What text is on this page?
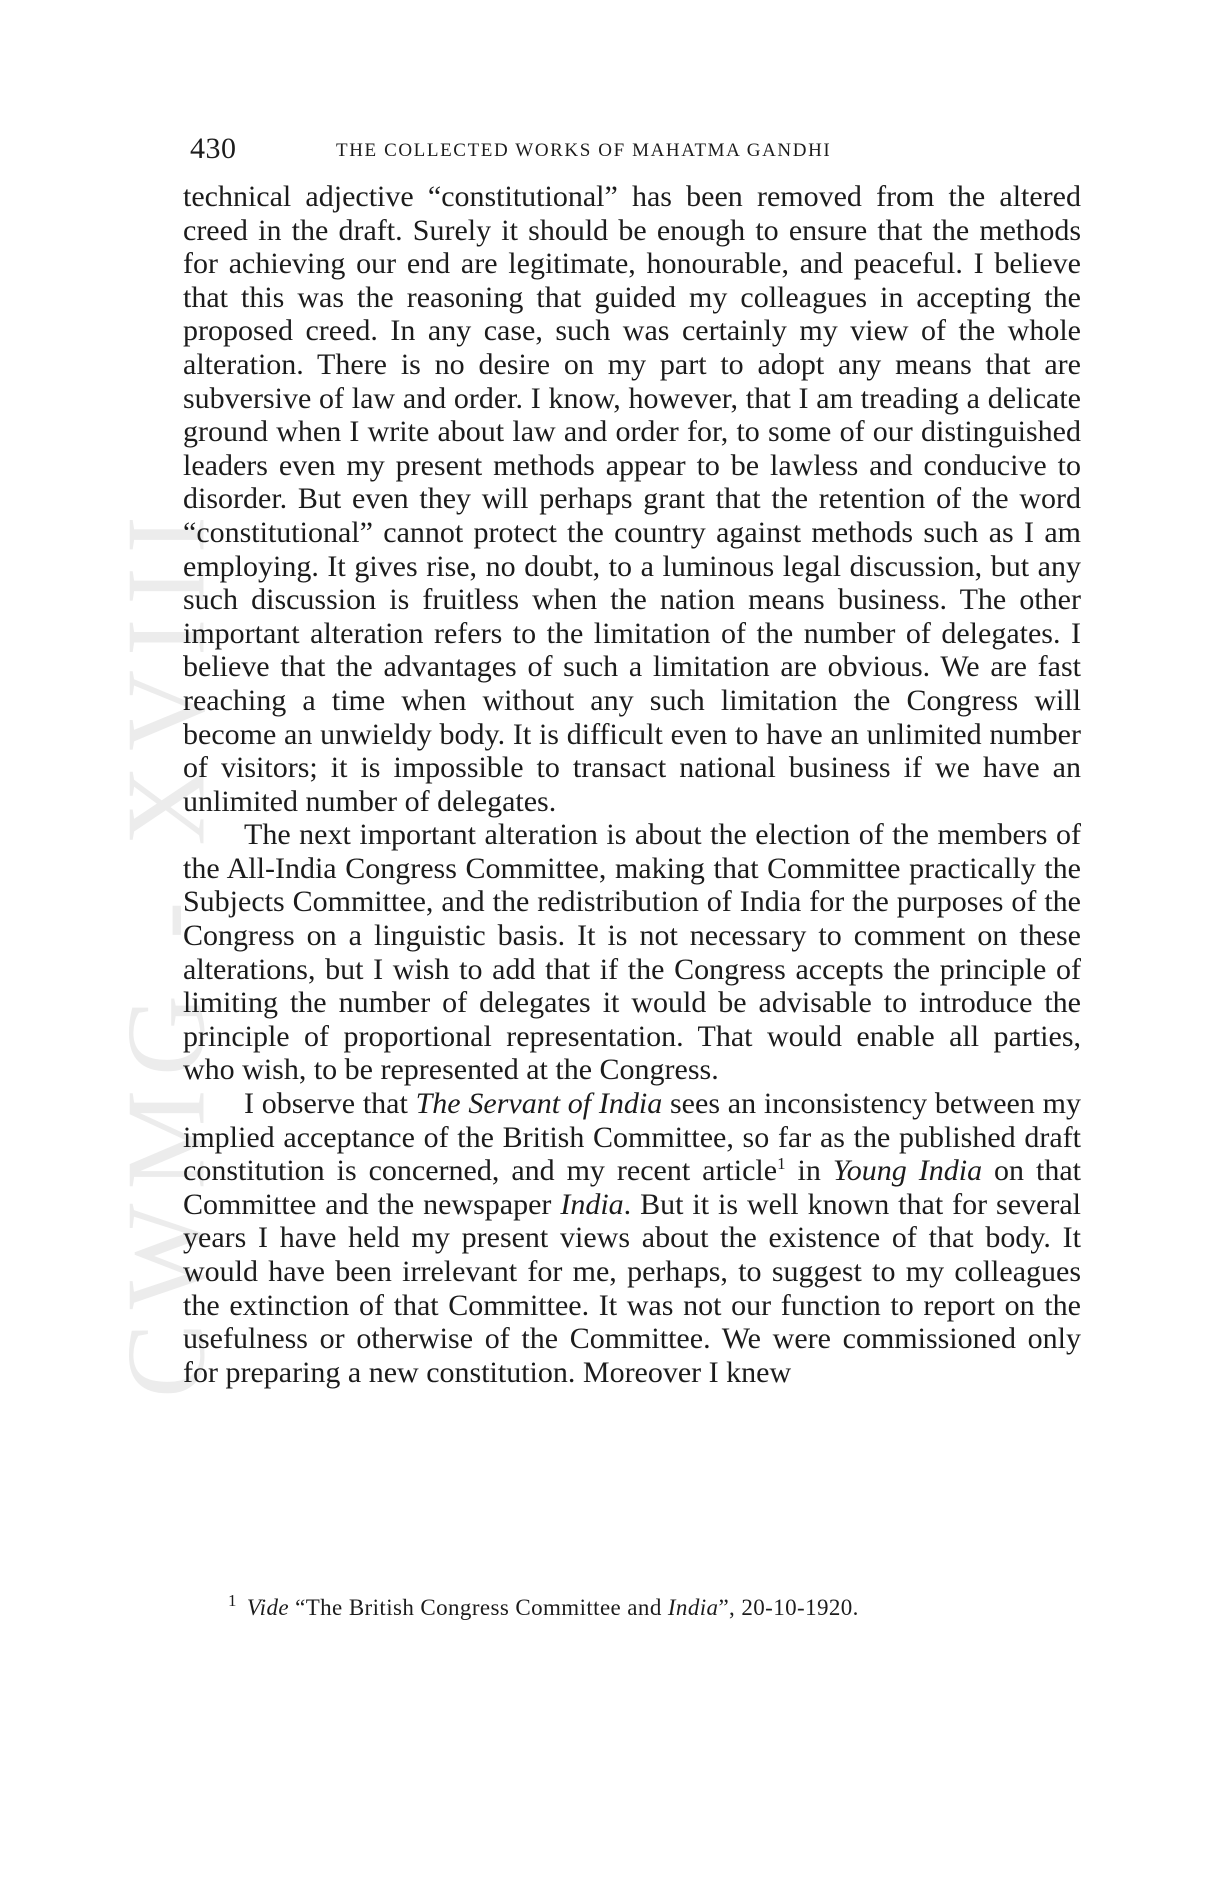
CWMG - XVIII
430	THE COLLECTED WORKS OF MAHATMA GANDHI

technical adjective “constitutional” has been removed from the altered creed in the draft. Surely it should be enough to ensure that the methods for achieving our end are legitimate, honourable, and peaceful. I believe that this was the reasoning that guided my colleagues in accepting the proposed creed. In any case, such was certainly my view of the whole alteration. There is no desire on my part to adopt any means that are subversive of law and order. I know, however, that I am treading a delicate ground when I write about law and order for, to some of our distinguished leaders even my present methods appear to be lawless and conducive to disorder. But even they will perhaps grant that the retention of the word “constitutional” cannot protect the country against methods such as I am employing. It gives rise, no doubt, to a luminous legal discussion, but any such discussion is fruitless when the nation means business. The other important alteration refers to the limitation of the number of delegates. I believe that the advantages of such a limitation are obvious. We are fast reaching a time when without any such limitation the Congress will become an unwieldy body. It is difficult even to have an unlimited number of visitors; it is impossible to transact national business if we have an unlimited number of delegates.

The next important alteration is about the election of the members of the All-India Congress Committee, making that Committee practically the Subjects Committee, and the redistribution of India for the purposes of the Congress on a linguistic basis. It is not necessary to comment on these alterations, but I wish to add that if the Congress accepts the principle of limiting the number of delegates it would be advisable to introduce the principle of proportional representation. That would enable all parties, who wish, to be represented at the Congress.

I observe that The Servant of India sees an inconsistency between my implied acceptance of the British Committee, so far as the published draft constitution is concerned, and my recent article$^1$ in Young India on that Committee and the newspaper India. But it is well known that for several years I have held my present views about the existence of that body. It would have been irrelevant for me, perhaps, to suggest to my colleagues the extinction of that Committee. It was not our function to report on the usefulness or otherwise of the Committee. We were commissioned only for preparing a new constitution. Moreover I knew

$^1$ Vide “The British Congress Committee and India”, 20-10-1920.
